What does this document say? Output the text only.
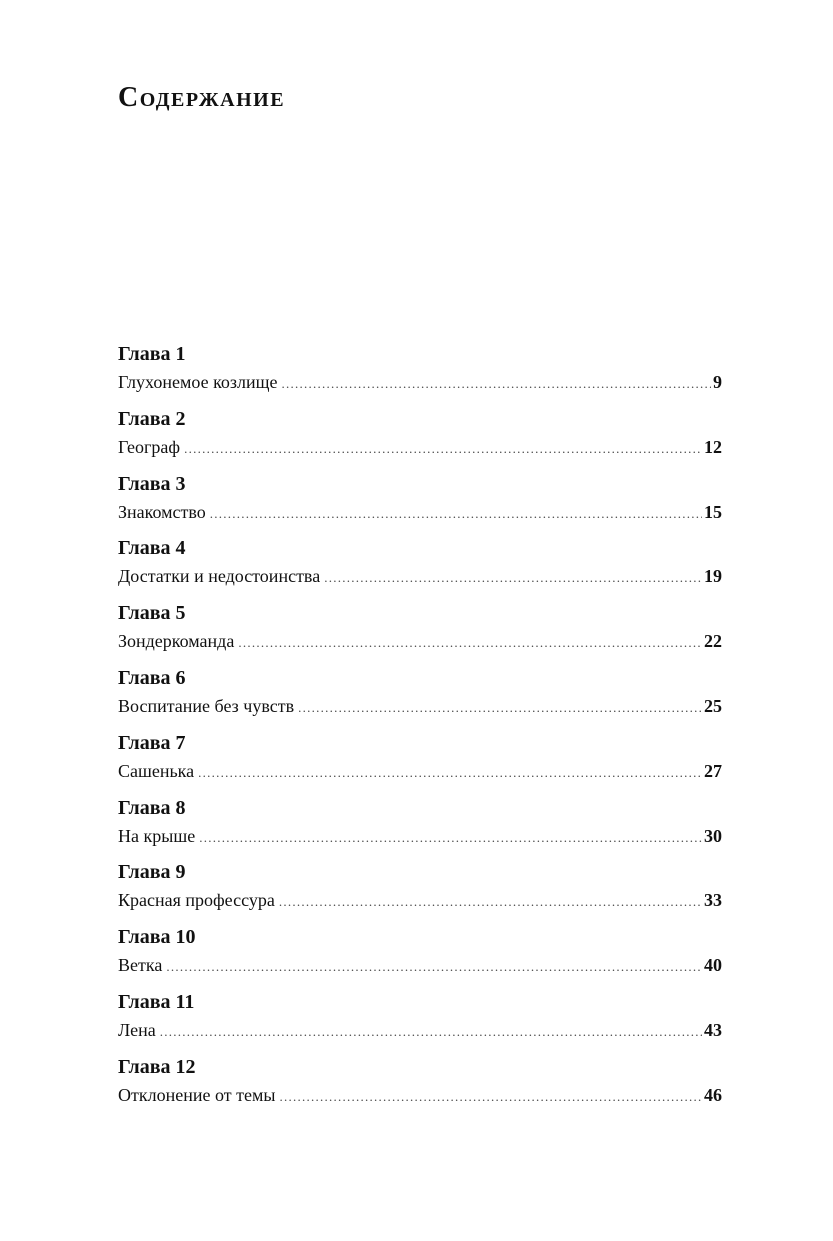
Содержание
Глава 1
Глухонемое козлище . . .	9
Глава 2
Географ . . .	12
Глава 3
Знакомство . . .	15
Глава 4
Достатки и недостоинства . . .	19
Глава 5
Зондеркоманда . . .	22
Глава 6
Воспитание без чувств . . .	25
Глава 7
Сашенька . . .	27
Глава 8
На крыше . . .	30
Глава 9
Красная профессура . . .	33
Глава 10
Ветка . . .	40
Глава 11
Лена . . .	43
Глава 12
Отклонение от темы . . .	46
